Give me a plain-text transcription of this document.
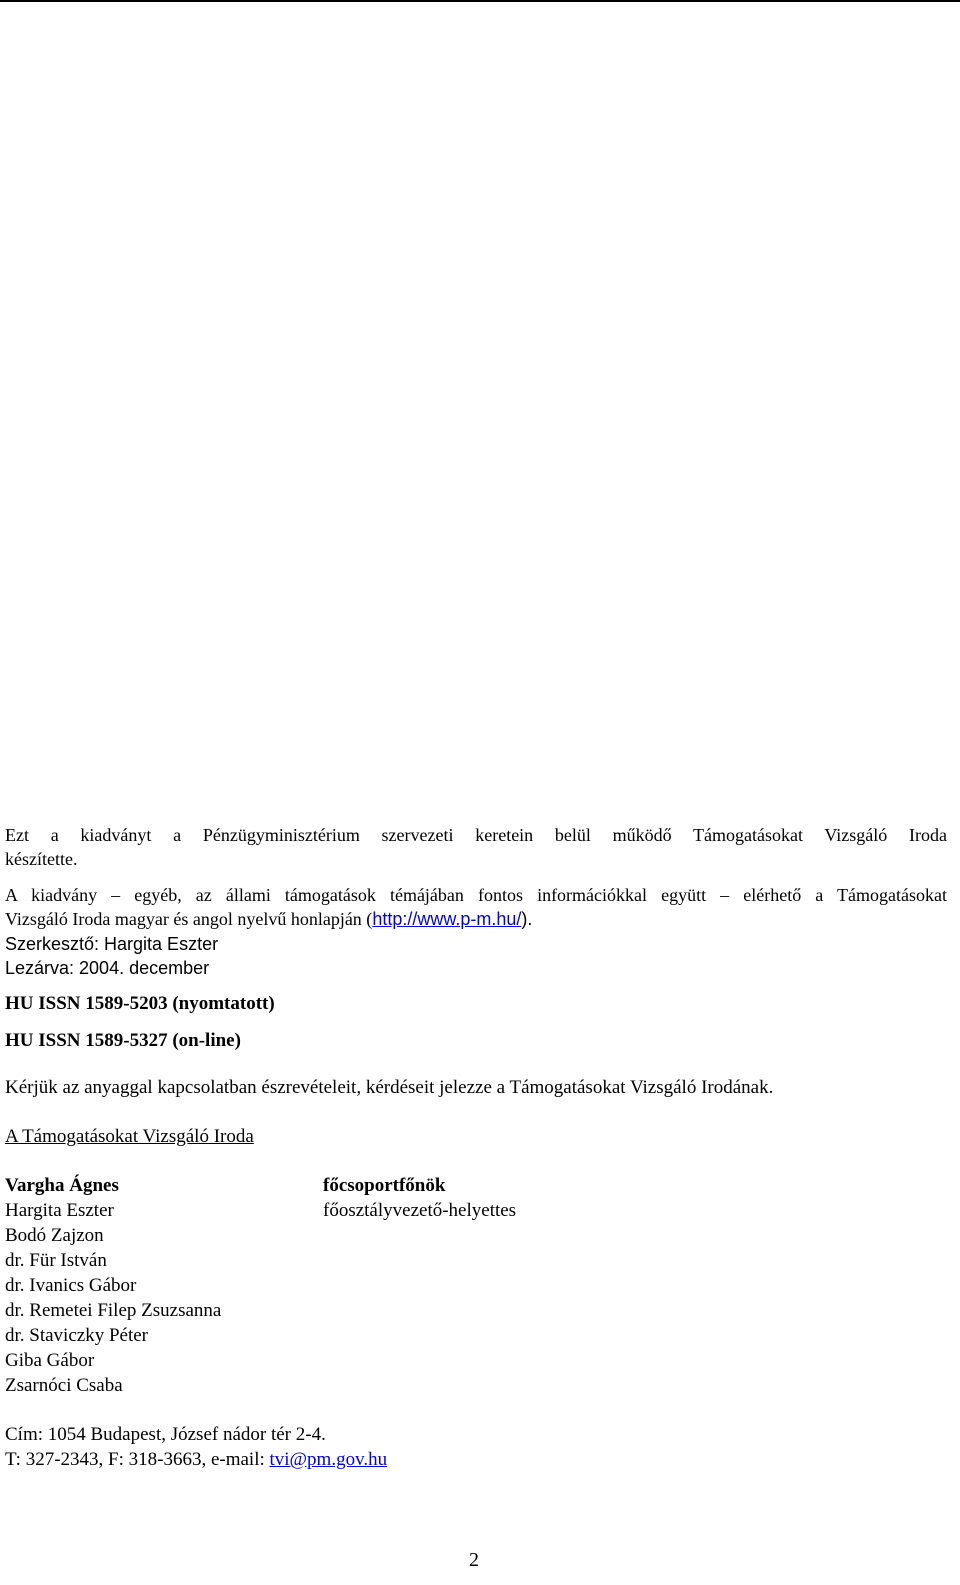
Ezt a kiadványt a Pénzügyminisztérium szervezeti keretein belül működő Támogatásokat Vizsgáló Iroda
készítette.
A kiadvány – egyéb, az állami támogatások témájában fontos információkkal együtt – elérhető a Támogatásokat
Vizsgáló Iroda magyar és angol nyelvű honlapján (http://www.p-m.hu/).
Szerkesztő: Hargita Eszter
Lezárva: 2004. december
HU ISSN 1589-5203 (nyomtatott)
HU ISSN 1589-5327 (on-line)
Kérjük az anyaggal kapcsolatban észrevételeit, kérdéseit jelezze a Támogatásokat Vizsgáló Irodának.
A Támogatásokat Vizsgáló Iroda
Vargha Ágnes	főcsoportfőnök
Hargita Eszter	főosztályvezető-helyettes
Bodó Zajzon
dr. Für István
dr. Ivanics Gábor
dr. Remetei Filep Zsuzsanna
dr. Staviczky Péter
Giba Gábor
Zsarnóci Csaba
Cím: 1054 Budapest, József nádor tér 2-4.
T: 327-2343, F: 318-3663, e-mail: tvi@pm.gov.hu
2
